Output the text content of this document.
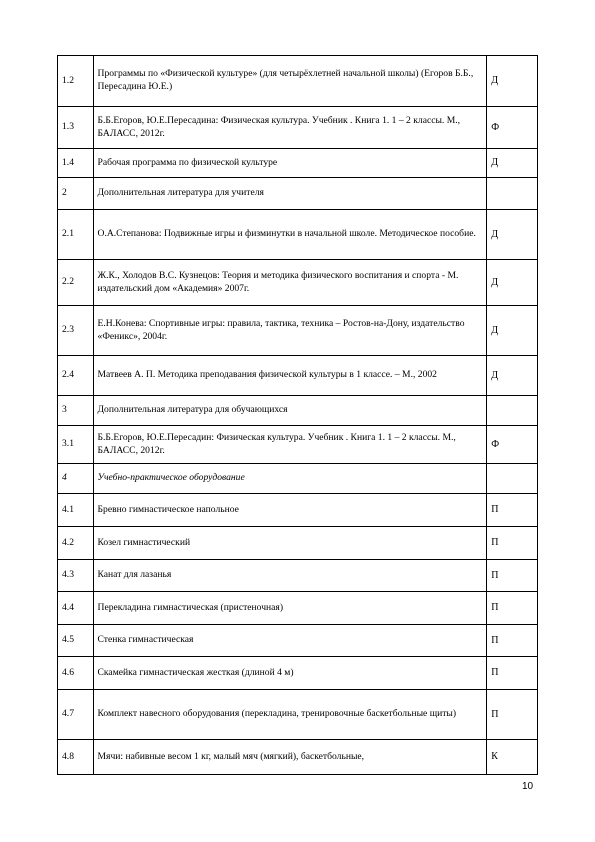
1.2	Программы по «Физической культуре» (для четырёхлетней начальной школы) (Егоров Б.Б., Пересадина Ю.Е.)	Д
1.3	Б.Б.Егоров, Ю.Е.Пересадина: Физическая культура. Учебник . Книга 1. 1 – 2 классы. М., БАЛАСС, 2012г.	Ф
1.4	Рабочая программа по физической культуре	Д
2	Дополнительная литература для учителя	
2.1	О.А.Степанова: Подвижные игры и физминутки в начальной школе. Методическое пособие.	Д
2.2	Ж.К., Холодов В.С. Кузнецов: Теория и методика физического воспитания и спорта - М. издательский дом «Академия» 2007г.	Д
2.3	Е.Н.Конева: Спортивные игры: правила, тактика, техника – Ростов-на-Дону, издательство «Феникс», 2004г.	Д
2.4	Матвеев А. П. Методика преподавания физической культуры в 1 классе. – М., 2002	Д
3	Дополнительная литература для обучающихся	
3.1	Б.Б.Егоров, Ю.Е.Пересадин: Физическая культура. Учебник . Книга 1. 1 – 2 классы. М., БАЛАСС, 2012г.	Ф
4	Учебно-практическое оборудование	
4.1	Бревно гимнастическое напольное	П
4.2	Козел гимнастический	П
4.3	Канат для лазанья	П
4.4	Перекладина гимнастическая (пристеночная)	П
4.5	Стенка гимнастическая	П
4.6	Скамейка гимнастическая жесткая (длиной 4 м)	П
4.7	Комплект навесного оборудования (перекладина, тренировочные баскетбольные щиты)	П
4.8	Мячи: набивные весом 1 кг, малый мяч (мягкий), баскетбольные,	К
10
